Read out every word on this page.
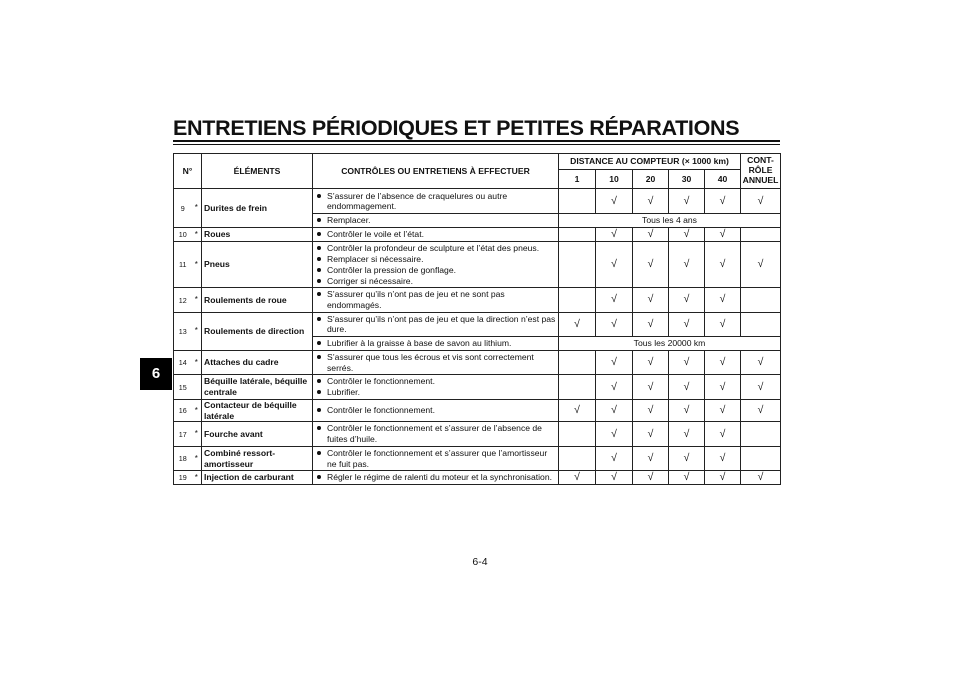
ENTRETIENS PÉRIODIQUES ET PETITES RÉPARATIONS
6
N°		ÉLÉMENTS	CONTRÔLES OU ENTRETIENS À EFFECTUER	DISTANCE AU COMPTEUR (× 1000 km)					CONT-
RÔLE
ANNUEL
				1	10	20	30	40	
9	*	Durites de frein	S’assurer de l’absence de craquelures ou autre endommagement.		√	√	√	√	√

			Remplacer.	Tous les 4 ans					
10	*	Roues	Contrôler le voile et l’état.		√	√	√	√	
11	*	Pneus	Contrôler la profondeur de sculpture et l’état des pneus.
Remplacer si nécessaire.
Contrôler la pression de gonflage.
Corriger si nécessaire.		√	√	√	√	√
12	*	Roulements de roue	S’assurer qu’ils n’ont pas de jeu et ne sont pas endommagés.		√	√	√	√	
13	*	Roulements de direction	S’assurer qu’ils n’ont pas de jeu et que la direction n’est pas dure.	√	√	√	√	√	

			Lubrifier à la graisse à base de savon au lithium.	Tous les 20000 km					
14	*	Attaches du cadre	S’assurer que tous les écrous et vis sont correctement serrés.		√	√	√	√	√
15		Béquille latérale, béquille centrale	Contrôler le fonctionnement.
Lubrifier.		√	√	√	√	√
16	*	Contacteur de béquille latérale	Contrôler le fonctionnement.	√	√	√	√	√	√
17	*	Fourche avant	Contrôler le fonctionnement et s’assurer de l’absence de fuites d’huile.		√	√	√	√	
18	*	Combiné ressort-amortisseur	Contrôler le fonctionnement et s’assurer que l’amortisseur ne fuit pas.		√	√	√	√	
19	*	Injection de carburant	Régler le régime de ralenti du moteur et la synchronisation.	√	√	√	√	√	√
6-4
